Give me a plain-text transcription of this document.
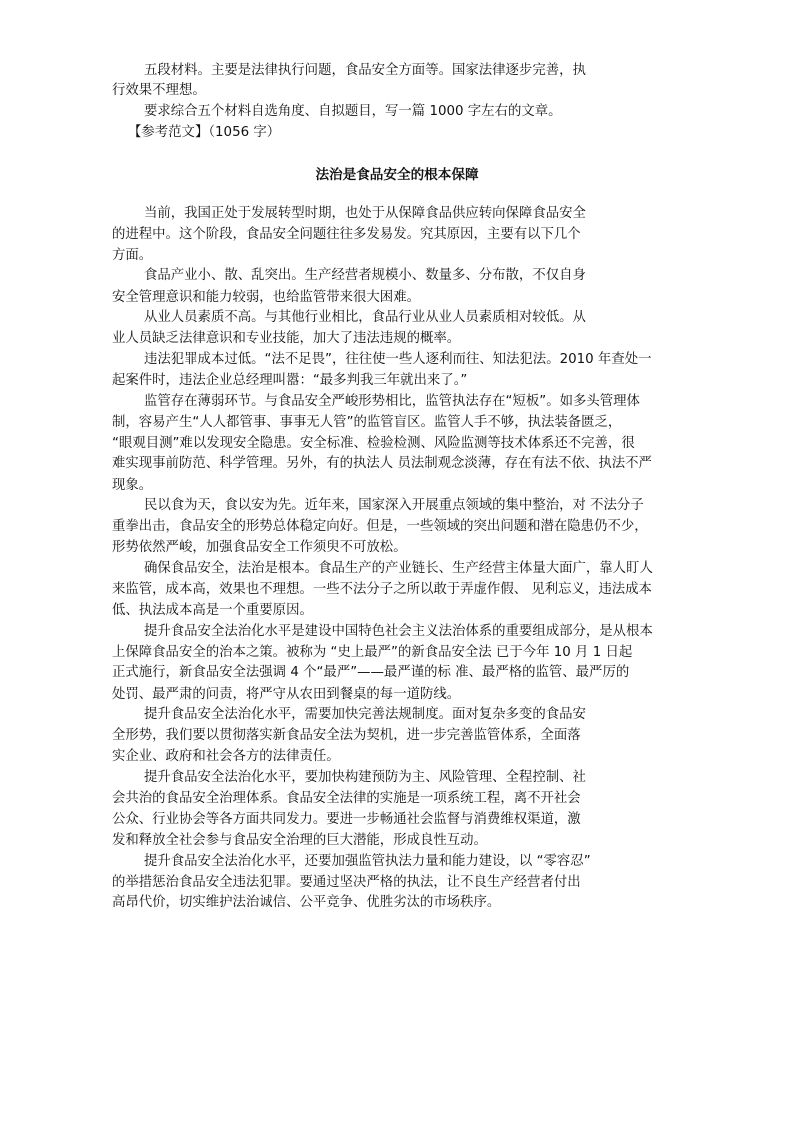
五段材料。主要是法律执行问题，食品安全方面等。国家法律逐步完善，执

行效果不理想。

要求综合五个材料自选角度、自拟题目，写一篇 1000 字左右的文章。

【参考范文】（1056 字）

法治是食品安全的根本保障

当前，我国正处于发展转型时期，也处于从保障食品供应转向保障食品安全

的进程中。这个阶段，食品安全问题往往多发易发。究其原因，主要有以下几个

方面。

食品产业小、散、乱突出。生产经营者规模小、数量多、分布散，不仅自身

安全管理意识和能力较弱，也给监管带来很大困难。

从业人员素质不高。与其他行业相比，食品行业从业人员素质相对较低。从

业人员缺乏法律意识和专业技能，加大了违法违规的概率。

违法犯罪成本过低。“法不足畏”，往往使一些人逐利而往、知法犯法。2010 年查处一

起案件时，违法企业总经理叫嚣：“最多判我三年就出来了。”

监管存在薄弱环节。与食品安全严峻形势相比，监管执法存在“短板”。如多头管理体

制，容易产生“人人都管事、事事无人管”的监管盲区。监管人手不够，执法装备匮乏，

“眼观目测”难以发现安全隐患。安全标准、检验检测、风险监测等技术体系还不完善，很

难实现事前防范、科学管理。另外，有的执法人 员法制观念淡薄，存在有法不依、执法不严

现象。

民以食为天，食以安为先。近年来，国家深入开展重点领域的集中整治，对 不法分子

重拳出击，食品安全的形势总体稳定向好。但是，一些领域的突出问题和潜在隐患仍不少，

形势依然严峻，加强食品安全工作须臾不可放松。

确保食品安全，法治是根本。食品生产的产业链长、生产经营主体量大面广，靠人盯人

来监管，成本高，效果也不理想。一些不法分子之所以敢于弄虚作假、 见利忘义，违法成本

低、执法成本高是一个重要原因。

提升食品安全法治化水平是建设中国特色社会主义法治体系的重要组成部分，是从根本

上保障食品安全的治本之策。被称为 “史上最严”的新食品安全法 已于今年 10 月 1 日起

正式施行，新食品安全法强调 4 个“最严”——最严谨的标 准、最严格的监管、最严厉的

处罚、最严肃的问责，将严守从农田到餐桌的每一道防线。

提升食品安全法治化水平，需要加快完善法规制度。面对复杂多变的食品安

全形势，我们要以贯彻落实新食品安全法为契机，进一步完善监管体系，全面落

实企业、政府和社会各方的法律责任。

提升食品安全法治化水平，要加快构建预防为主、风险管理、全程控制、社

会共治的食品安全治理体系。食品安全法律的实施是一项系统工程，离不开社会

公众、行业协会等各方面共同发力。要进一步畅通社会监督与消费维权渠道，激

发和释放全社会参与食品安全治理的巨大潜能，形成良性互动。

提升食品安全法治化水平，还要加强监管执法力量和能力建设，以 “零容忍”

的举措惩治食品安全违法犯罪。要通过坚决严格的执法，让不良生产经营者付出

高昂代价，切实维护法治诚信、公平竞争、优胜劣汰的市场秩序。
